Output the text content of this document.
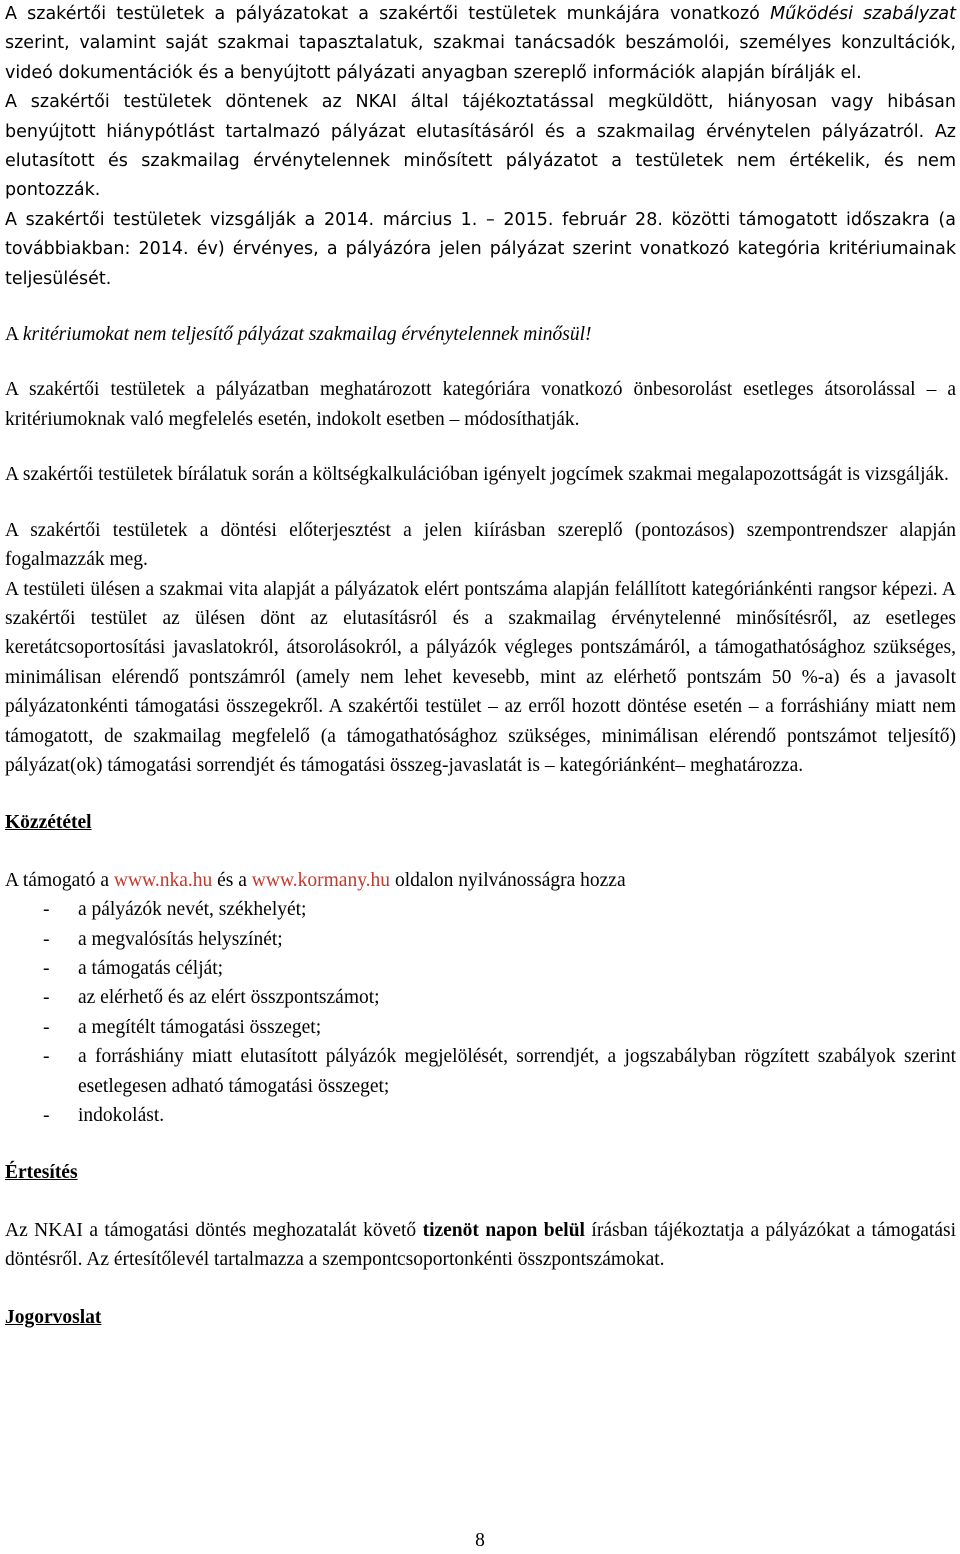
A szakértői testületek a pályázatokat a szakértői testületek munkájára vonatkozó Működési szabályzat szerint, valamint saját szakmai tapasztalatuk, szakmai tanácsadók beszámolói, személyes konzultációk, videó dokumentációk és a benyújtott pályázati anyagban szereplő információk alapján bírálják el.

A szakértői testületek döntenek az NKAI által tájékoztatással megküldött, hiányosan vagy hibásan benyújtott hiánypótlást tartalmazó pályázat elutasításáról és a szakmailag érvénytelen pályázatról. Az elutasított és szakmailag érvénytelennek minősített pályázatot a testületek nem értékelik, és nem pontozzák.

A szakértői testületek vizsgálják a 2014. március 1. – 2015. február 28. közötti támogatott időszakra (a továbbiakban: 2014. év) érvényes, a pályázóra jelen pályázat szerint vonatkozó kategória kritériumainak teljesülését.

A kritériumokat nem teljesítő pályázat szakmailag érvénytelennek minősül!

A szakértői testületek a pályázatban meghatározott kategóriára vonatkozó önbesorolást esetleges átsorolással – a kritériumoknak való megfelelés esetén, indokolt esetben – módosíthatják.

A szakértői testületek bírálatuk során a költségkalkulációban igényelt jogcímek szakmai megalapozottságát is vizsgálják.

A szakértői testületek a döntési előterjesztést a jelen kiírásban szereplő (pontozásos) szempontrendszer alapján fogalmazzák meg.

A testületi ülésen a szakmai vita alapját a pályázatok elért pontszáma alapján felállított kategóriánkénti rangsor képezi. A szakértői testület az ülésen dönt az elutasításról és a szakmailag érvénytelenné minősítésről, az esetleges keretátcsoportosítási javaslatokról, átsorolásokról, a pályázók végleges pontszámáról, a támogathatósághoz szükséges, minimálisan elérendő pontszámról (amely nem lehet kevesebb, mint az elérhető pontszám 50 %-a) és a javasolt pályázatonkénti támogatási összegekről. A szakértői testület – az erről hozott döntése esetén – a forráshiány miatt nem támogatott, de szakmailag megfelelő (a támogathatósághoz szükséges, minimálisan elérendő pontszámot teljesítő) pályázat(ok) támogatási sorrendjét és támogatási összeg-javaslatát is – kategóriánként– meghatározza.

Közzététel

A támogató a www.nka.hu és a www.kormany.hu oldalon nyilvánosságra hozza

- a pályázók nevét, székhelyét;
- a megvalósítás helyszínét;
- a támogatás célját;
- az elérhető és az elért összpontszámot;
- a megítélt támogatási összeget;
- a forráshiány miatt elutasított pályázók megjelölését, sorrendjét, a jogszabályban rögzített szabályok szerint esetlegesen adható támogatási összeget;
- indokolást.
Értesítés

Az NKAI a támogatási döntés meghozatalát követő tizenöt napon belül írásban tájékoztatja a pályázókat a támogatási döntésről. Az értesítőlevél tartalmazza a szempontcsoportonkénti összpontszámokat.

Jogorvoslat
8
